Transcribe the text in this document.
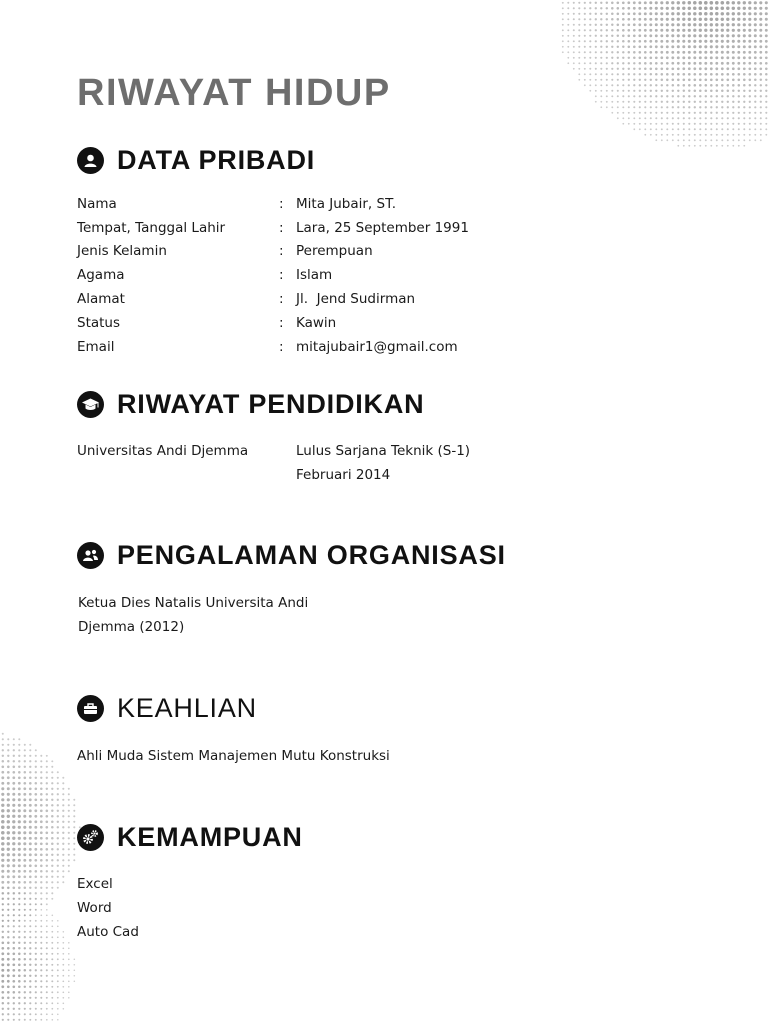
RIWAYAT HIDUP
DATA PRIBADI
Nama	: Mita Jubair, ST.
Tempat, Tanggal Lahir	: Lara, 25 September 1991
Jenis Kelamin	: Perempuan
Agama	: Islam
Alamat	: Jl.  Jend Sudirman
Status	: Kawin
Email	: mitajubair1@gmail.com
RIWAYAT PENDIDIKAN
Universitas Andi Djemma	Lulus Sarjana Teknik (S-1)
Februari 2014
PENGALAMAN ORGANISASI
Ketua Dies Natalis Universita Andi
Djemma (2012)
KEAHLIAN
Ahli Muda Sistem Manajemen Mutu Konstruksi
KEMAMPUAN
Excel
Word
Auto Cad
